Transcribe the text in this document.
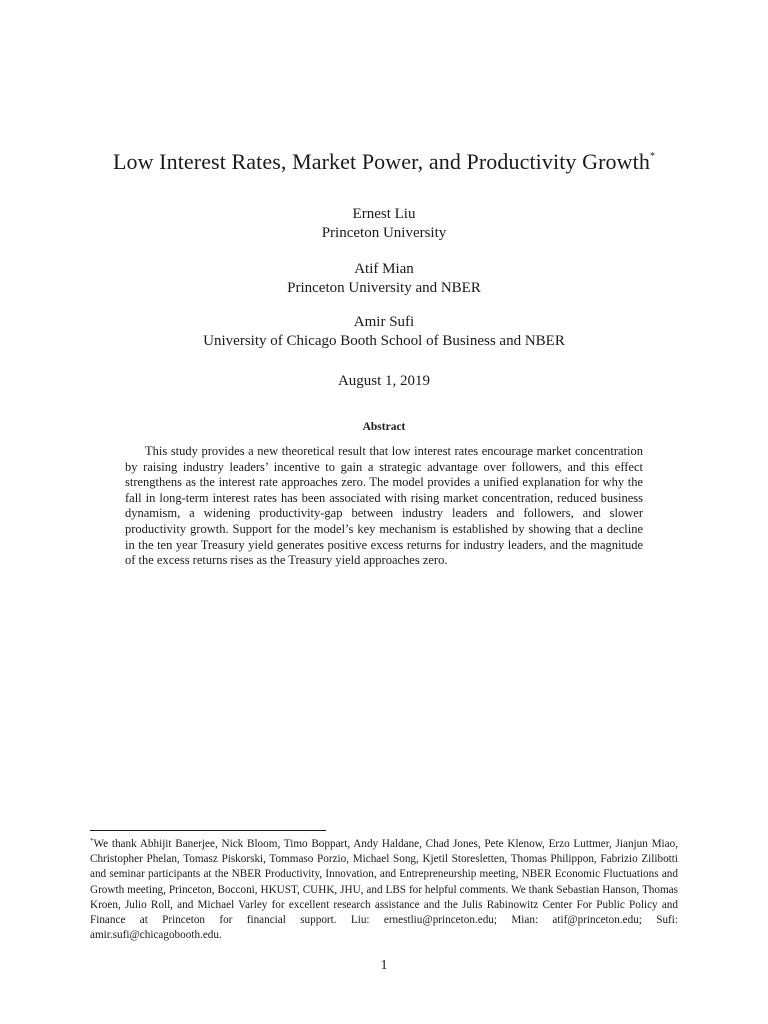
Low Interest Rates, Market Power, and Productivity Growth*
Ernest Liu
Princeton University
Atif Mian
Princeton University and NBER
Amir Sufi
University of Chicago Booth School of Business and NBER
August 1, 2019
Abstract

This study provides a new theoretical result that low interest rates encourage market concentration by raising industry leaders’ incentive to gain a strategic advantage over followers, and this effect strengthens as the interest rate approaches zero. The model provides a unified explanation for why the fall in long-term interest rates has been associated with rising market concentration, reduced business dynamism, a widening productivity-gap between industry leaders and followers, and slower productivity growth. Support for the model’s key mechanism is established by showing that a decline in the ten year Treasury yield generates positive excess returns for industry leaders, and the magnitude of the excess returns rises as the Treasury yield approaches zero.

*We thank Abhijit Banerjee, Nick Bloom, Timo Boppart, Andy Haldane, Chad Jones, Pete Klenow, Erzo Luttmer, Jianjun Miao, Christopher Phelan, Tomasz Piskorski, Tommaso Porzio, Michael Song, Kjetil Storesletten, Thomas Philippon, Fabrizio Zilibotti and seminar participants at the NBER Productivity, Innovation, and Entrepreneurship meeting, NBER Economic Fluctuations and Growth meeting, Princeton, Bocconi, HKUST, CUHK, JHU, and LBS for helpful comments. We thank Sebastian Hanson, Thomas Kroen, Julio Roll, and Michael Varley for excellent research assistance and the Julis Rabinowitz Center For Public Policy and Finance at Princeton for financial support. Liu: ernestliu@princeton.edu; Mian: atif@princeton.edu; Sufi: amir.sufi@chicagobooth.edu.

1
